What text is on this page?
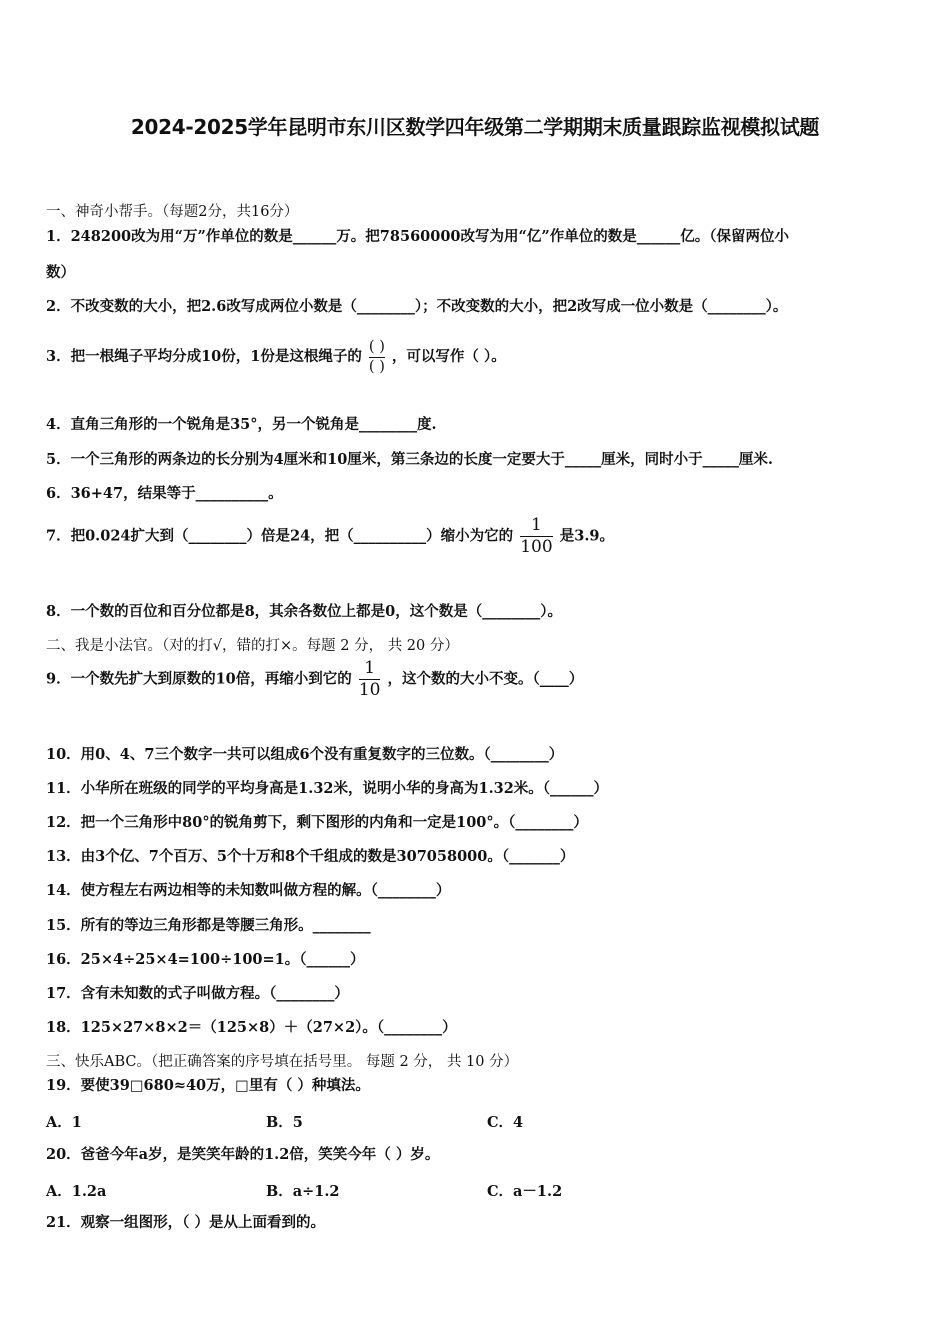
2024-2025学年昆明市东川区数学四年级第二学期期末质量跟踪监视模拟试题
一、神奇小帮手。（每题2分，共16分）
1．248200改为用“万”作单位的数是______万。把78560000改写为用“亿”作单位的数是______亿。（保留两位小
数）
2．不改变数的大小，把2.6改写成两位小数是（________）；不改变数的大小，把2改写成一位小数是（________）。
3．把一根绳子平均分成10份，1份是这根绳子的 $\frac{( )}{( )}$ ，可以写作（ ）。
4．直角三角形的一个锐角是35°，另一个锐角是________度.
5．一个三角形的两条边的长分别为4厘米和10厘米，第三条边的长度一定要大于_____厘米，同时小于_____厘米.
6．36+47，结果等于__________。
7．把0.024扩大到（________）倍是24，把（__________）缩小为它的 $\frac{1}{100}$ 是3.9。
8．一个数的百位和百分位都是8，其余各数位上都是0，这个数是（________）。
二、我是小法官。（对的打√，错的打×。每题 2 分， 共 20 分）
9．一个数先扩大到原数的10倍，再缩小到它的 $\frac{1}{10}$ ，这个数的大小不变。（____）
10．用0、4、7三个数字一共可以组成6个没有重复数字的三位数。（________）
11．小华所在班级的同学的平均身高是1.32米，说明小华的身高为1.32米。（______）
12．把一个三角形中80°的锐角剪下，剩下图形的内角和一定是100°。（________）
13．由3个亿、7个百万、5个十万和8个千组成的数是307058000。（_______）
14．使方程左右两边相等的未知数叫做方程的解。（________）
15．所有的等边三角形都是等腰三角形。________
16．25×4÷25×4=100÷100=1。（______）
17．含有未知数的式子叫做方程。（________）
18．125×27×8×2＝（125×8）＋（27×2）。（________）
三、快乐ABC。（把正确答案的序号填在括号里。 每题 2 分， 共 10 分）
19．要使39□680≈40万，□里有（ ）种填法。
A．1	B．5	C．4
20．爸爸今年a岁，是笑笑年龄的1.2倍，笑笑今年（ ）岁。
A．1.2a	B．a÷1.2	C．a－1.2
21．观察一组图形，（ ）是从上面看到的。
